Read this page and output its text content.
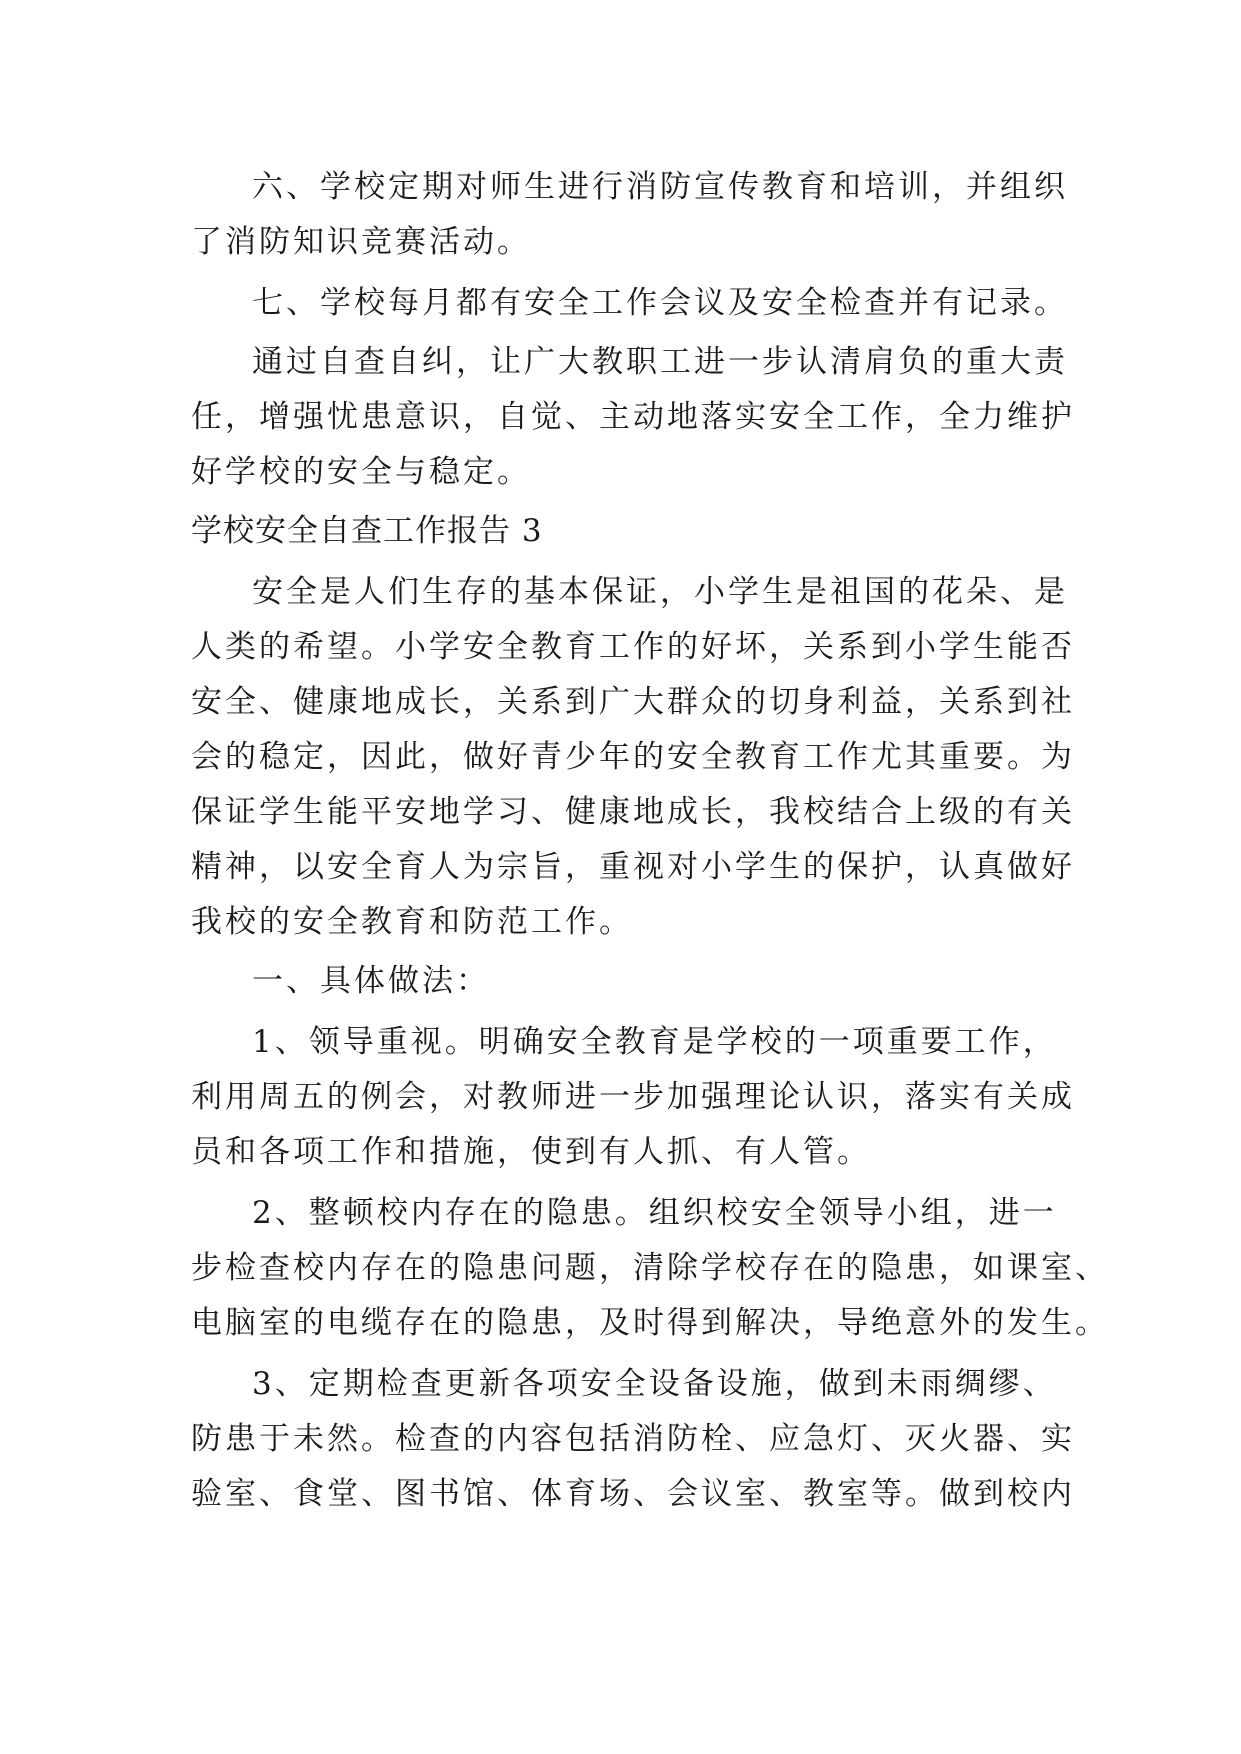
六、学校定期对师生进行消防宣传教育和培训，并组织
了消防知识竞赛活动。
七、学校每月都有安全工作会议及安全检查并有记录。
通过自查自纠，让广大教职工进一步认清肩负的重大责
任，增强忧患意识，自觉、主动地落实安全工作，全力维护
好学校的安全与稳定。
学校安全自查工作报告 3
安全是人们生存的基本保证，小学生是祖国的花朵、是
人类的希望。小学安全教育工作的好坏，关系到小学生能否
安全、健康地成长，关系到广大群众的切身利益，关系到社
会的稳定，因此，做好青少年的安全教育工作尤其重要。为
保证学生能平安地学习、健康地成长，我校结合上级的有关
精神，以安全育人为宗旨，重视对小学生的保护，认真做好
我校的安全教育和防范工作。
一、具体做法：
1、领导重视。明确安全教育是学校的一项重要工作，
利用周五的例会，对教师进一步加强理论认识，落实有关成
员和各项工作和措施，使到有人抓、有人管。
2、整顿校内存在的隐患。组织校安全领导小组，进一
步检查校内存在的隐患问题，清除学校存在的隐患，如课室、
电脑室的电缆存在的隐患，及时得到解决，导绝意外的发生。
3、定期检查更新各项安全设备设施，做到未雨绸缪、
防患于未然。检查的内容包括消防栓、应急灯、灭火器、实
验室、食堂、图书馆、体育场、会议室、教室等。做到校内
